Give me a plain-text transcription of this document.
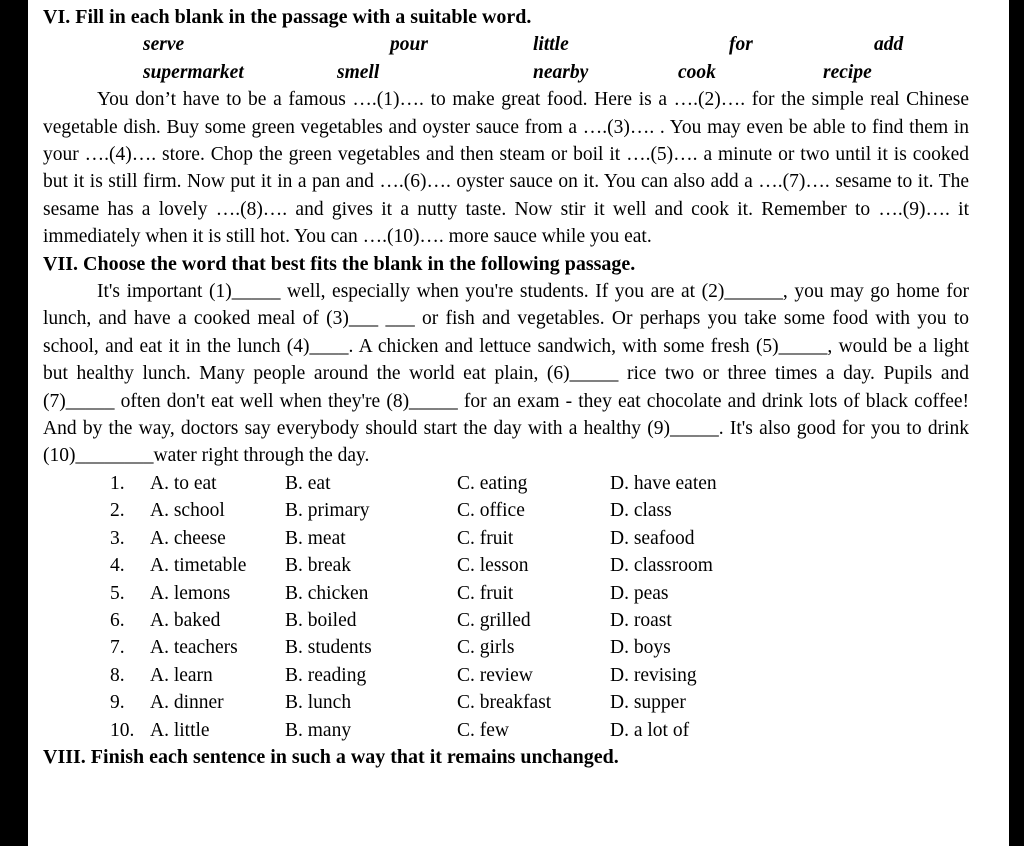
VI. Fill in each blank in the passage with a suitable word.
serve	pour	little	for	add
supermarket	smell	nearby	cook	recipe
You don’t have to be a famous ….(1)…. to make great food. Here is a ….(2)…. for the simple real Chinese vegetable dish. Buy some green vegetables and oyster sauce from a ….(3)…. . You may even be able to find them in your ….(4)…. store. Chop the green vegetables and then steam or boil it ….(5)…. a minute or two until it is cooked but it is still firm. Now put it in a pan and ….(6)…. oyster sauce on it. You can also add a ….(7)…. sesame to it. The sesame has a lovely ….(8)…. and gives it a nutty taste. Now stir it well and cook it. Remember to ….(9)…. it immediately when it is still hot. You can ….(10)…. more sauce while you eat.
VII. Choose the word that best fits the blank in the following passage.
It's important (1)_____ well, especially when you're students. If you are at (2)______, you may go home for lunch, and have a cooked meal of (3)___ ___ or fish and vegetables. Or perhaps you take some food with you to school, and eat it in the lunch (4)____. A chicken and lettuce sandwich, with some fresh (5)_____, would be a light but healthy lunch. Many people around the world eat plain, (6)_____ rice two or three times a day. Pupils and (7)_____ often don't eat well when they're (8)_____ for an exam - they eat chocolate and drink lots of black coffee! And by the way, doctors say everybody should start the day with a healthy (9)_____. It's also good for you to drink (10)________water right through the day.
1.	A. to eat	B. eat	C. eating	D. have eaten
2.	A. school	B. primary	C. office	D. class
3.	A. cheese	B. meat	C. fruit	D. seafood
4.	A. timetable	B. break	C. lesson	D. classroom
5.	A. lemons	B. chicken	C. fruit	D. peas
6.	A. baked	B. boiled	C. grilled	D. roast
7.	A. teachers	B. students	C. girls	D. boys
8.	A. learn	B. reading	C. review	D. revising
9.	A. dinner	B. lunch	C. breakfast	D. supper
10. A. little	B. many	C. few	D. a lot of
VIII. Finish each sentence in such a way that it remains unchanged.
